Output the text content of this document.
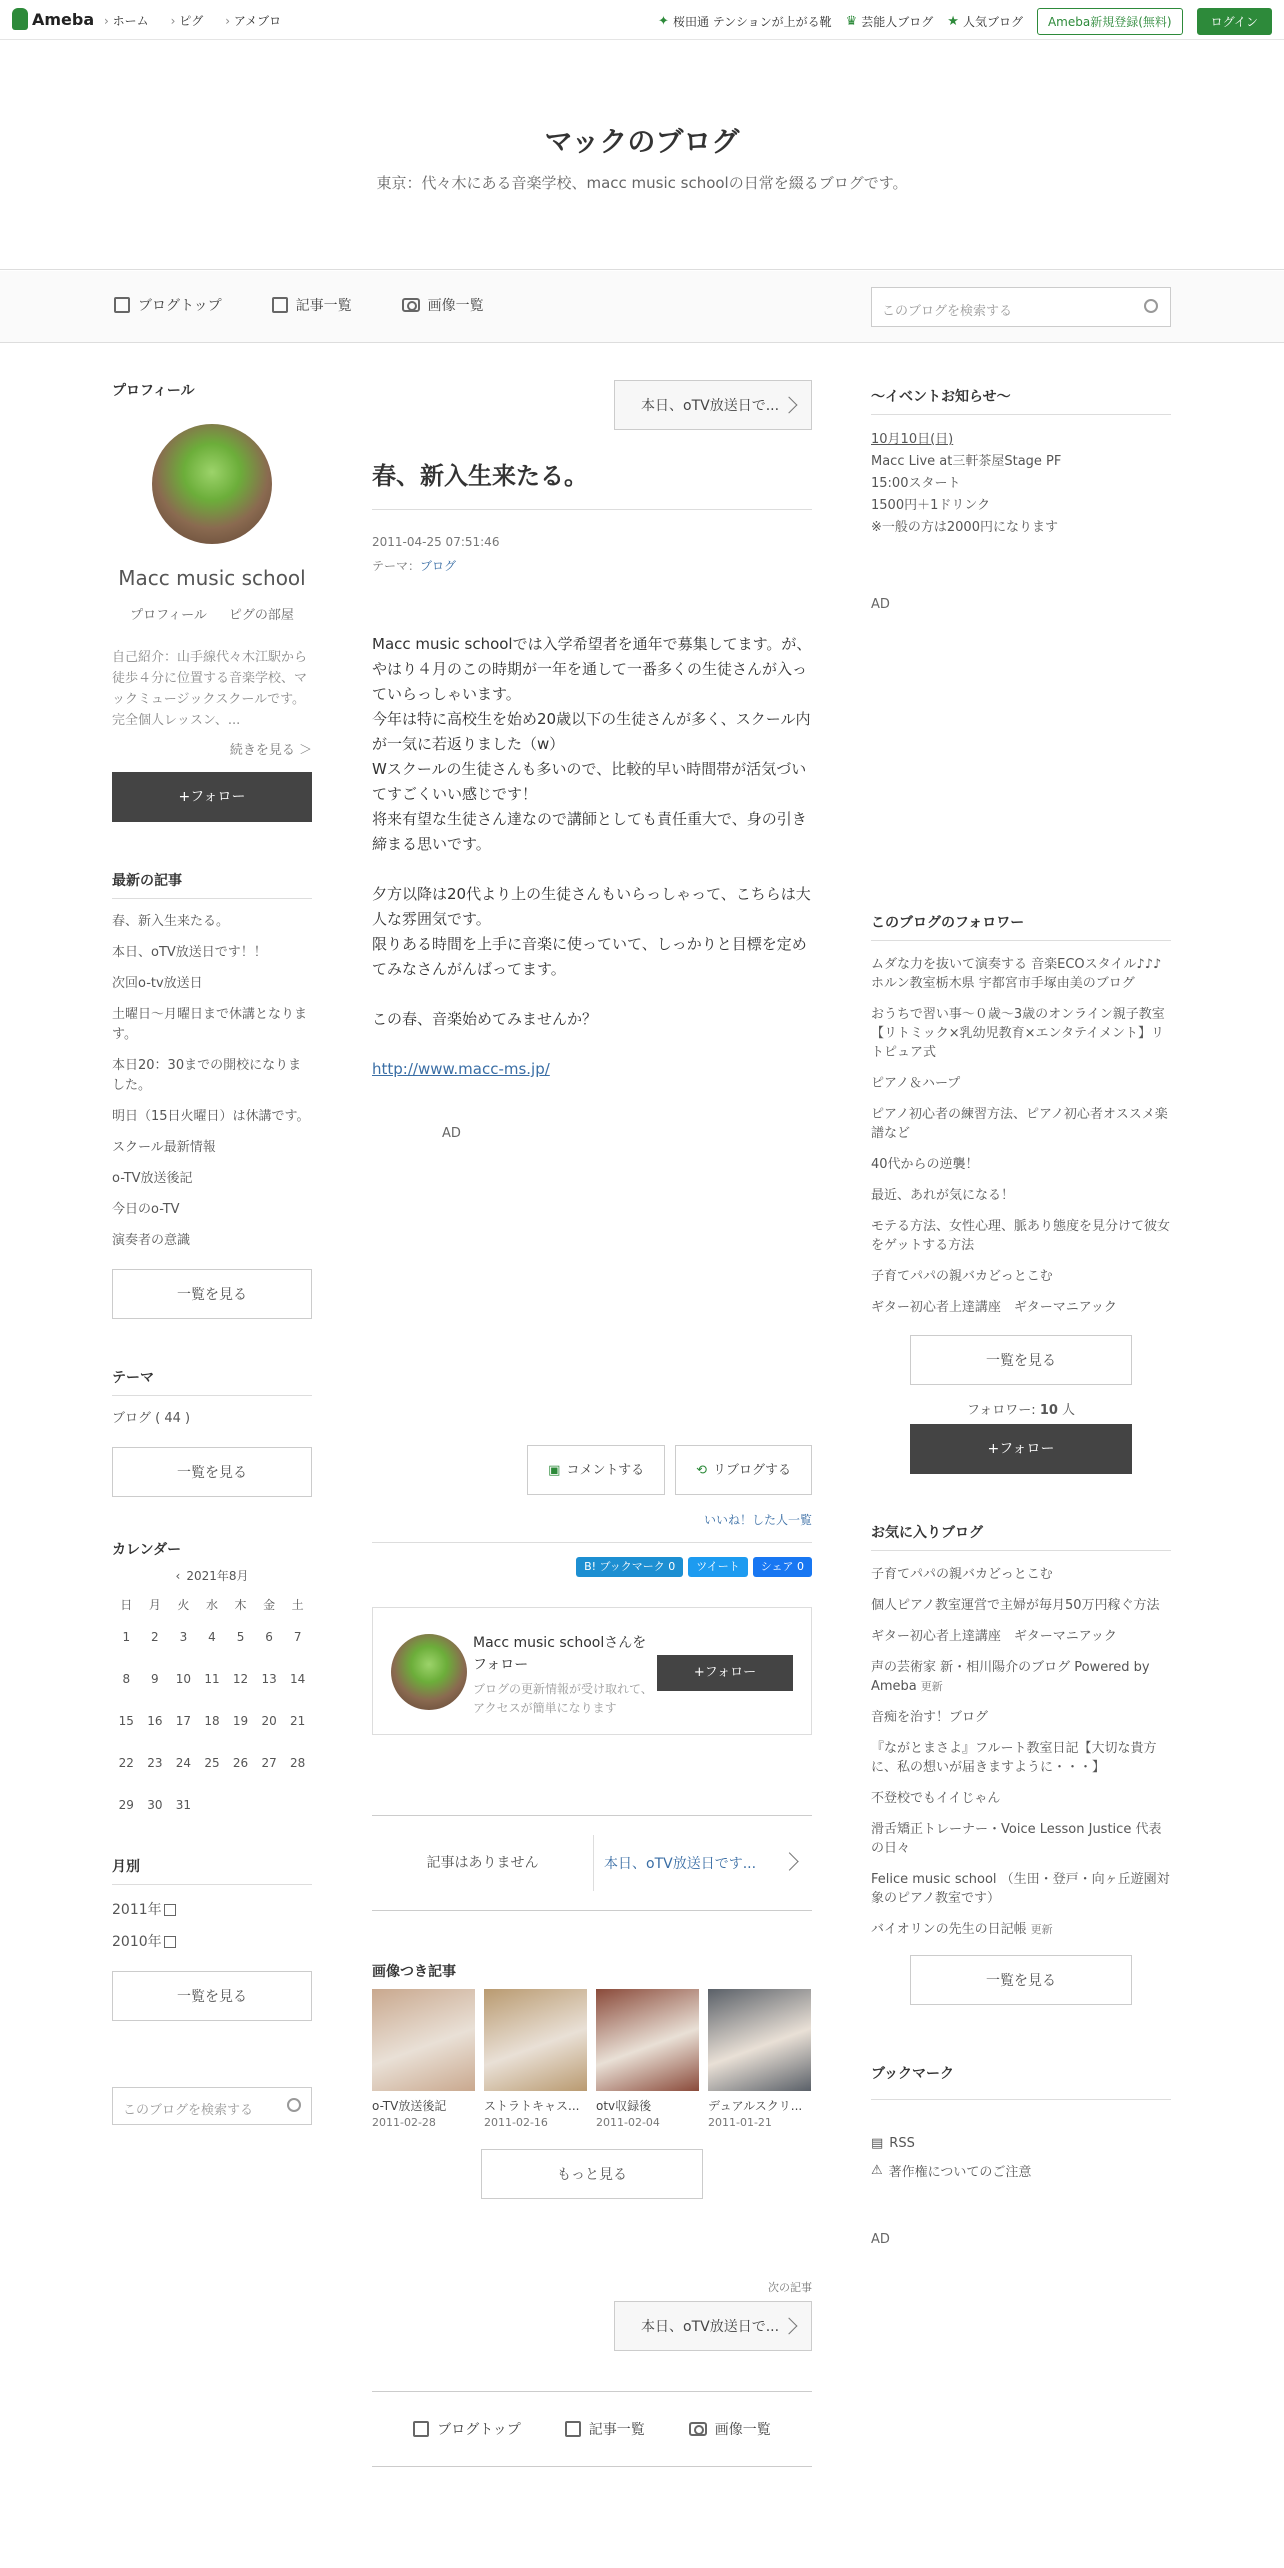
Ameba	› ホーム	› ピグ	› アメブロ	✦ 桜田通 テンションが上がる靴 ♛ 芸能人ブログ ★ 人気ブログ	Ameba新規登録(無料)	ログイン
マックのブログ

東京：代々木にある音楽学校、macc music schoolの日常を綴るブログです。

ブログトップ	記事一覧	画像一覧	このブログを検索する
プロフィール
Macc music school
プロフィール ピグの部屋
自己紹介：山手線代々木江駅から徒歩４分に位置する音楽学校、マックミュージックスクールです。 完全個人レッスン、...
続きを見る ＞
+フォロー
最新の記事
春、新入生来たる。
本日、oTV放送日です！！
次回o-tv放送日
土曜日～月曜日まで休講となります。
本日20：30までの開校になりました。
明日（15日火曜日）は休講です。
スクール最新情報
o-TV放送後記
今日のo-TV
演奏者の意識
一覧を見る
テーマ
ブログ ( 44 )
一覧を見る
カレンダー
‹ 2021年8月
日	月	火	水	木	金	土
1	2	3	4	5	6	7
8	9	10	11	12	13	14
15	16	17	18	19	20	21
22	23	24	25	26	27	28
29	30	31				
月別
2011年
2010年
一覧を見る
このブログを検索する
本日、oTV放送日で...
春、新入生来たる。
2011-04-25 07:51:46
テーマ：ブログ

Macc music schoolでは入学希望者を通年で募集してます。が、やはり４月のこの時期が一年を通して一番多くの生徒さんが入っていらっしゃいます。
今年は特に高校生を始め20歳以下の生徒さんが多く、スクール内が一気に若返りました（w）
Wスクールの生徒さんも多いので、比較的早い時間帯が活気づいてすごくいい感じです！
将来有望な生徒さん達なので講師としても責任重大で、身の引き締まる思いです。

夕方以降は20代より上の生徒さんもいらっしゃって、こちらは大人な雰囲気です。
限りある時間を上手に音楽に使っていて、しっかりと目標を定めてみなさんがんばってます。

この春、音楽始めてみませんか？

http://www.macc-ms.jp/

AD
▣ コメントする	⟲ リブログする
いいね！した人一覧
B! ブックマーク 0	ツイート	シェア 0
Macc music schoolさんをフォロー
ブログの更新情報が受け取れて、アクセスが簡単になります
+フォロー
記事はありません	本日、oTV放送日です...
画像つき記事
o-TV放送後記
2011-02-28
ストラトキャス...
2011-02-16
otv収録後
2011-02-04
デュアルスクリ...
2011-01-21
もっと見る
次の記事
本日、oTV放送日で...
ブログトップ	記事一覧	画像一覧
～イベントお知らせ～
10月10日(日)
Macc Live at三軒茶屋Stage PF
15:00スタート
1500円＋1ドリンク
※一般の方は2000円になります
AD
このブログのフォロワー
ムダな力を抜いて演奏する 音楽ECOスタイル♪♪♪ホルン教室栃木県 宇都宮市手塚由美のブログ
おうちで習い事～０歳～3歳のオンライン親子教室【リトミック×乳幼児教育×エンタテイメント】リトピュア式
ピアノ＆ハープ
ピアノ初心者の練習方法、ピアノ初心者オススメ楽譜など
40代からの逆襲！
最近、あれが気になる！
モテる方法、女性心理、脈あり態度を見分けて彼女をゲットする方法
子育てパパの親バカどっとこむ
ギター初心者上達講座　ギターマニアック
一覧を見る
フォロワー: 10 人
+フォロー
お気に入りブログ
子育てパパの親バカどっとこむ
個人ピアノ教室運営で主婦が毎月50万円稼ぐ方法
ギター初心者上達講座　ギターマニアック
声の芸術家 新・相川陽介のブログ Powered by Ameba 更新
音痴を治す！ブログ
『ながとまさよ』フルート教室日記【大切な貴方に、私の想いが届きますように・・・】
不登校でもイイじゃん
滑舌矯正トレーナー・Voice Lesson Justice 代表の日々
Felice music school （生田・登戸・向ヶ丘遊園対象のピアノ教室です）
バイオリンの先生の日記帳 更新
一覧を見る
ブックマーク
▤ RSS
⚠ 著作権についてのご注意
AD
